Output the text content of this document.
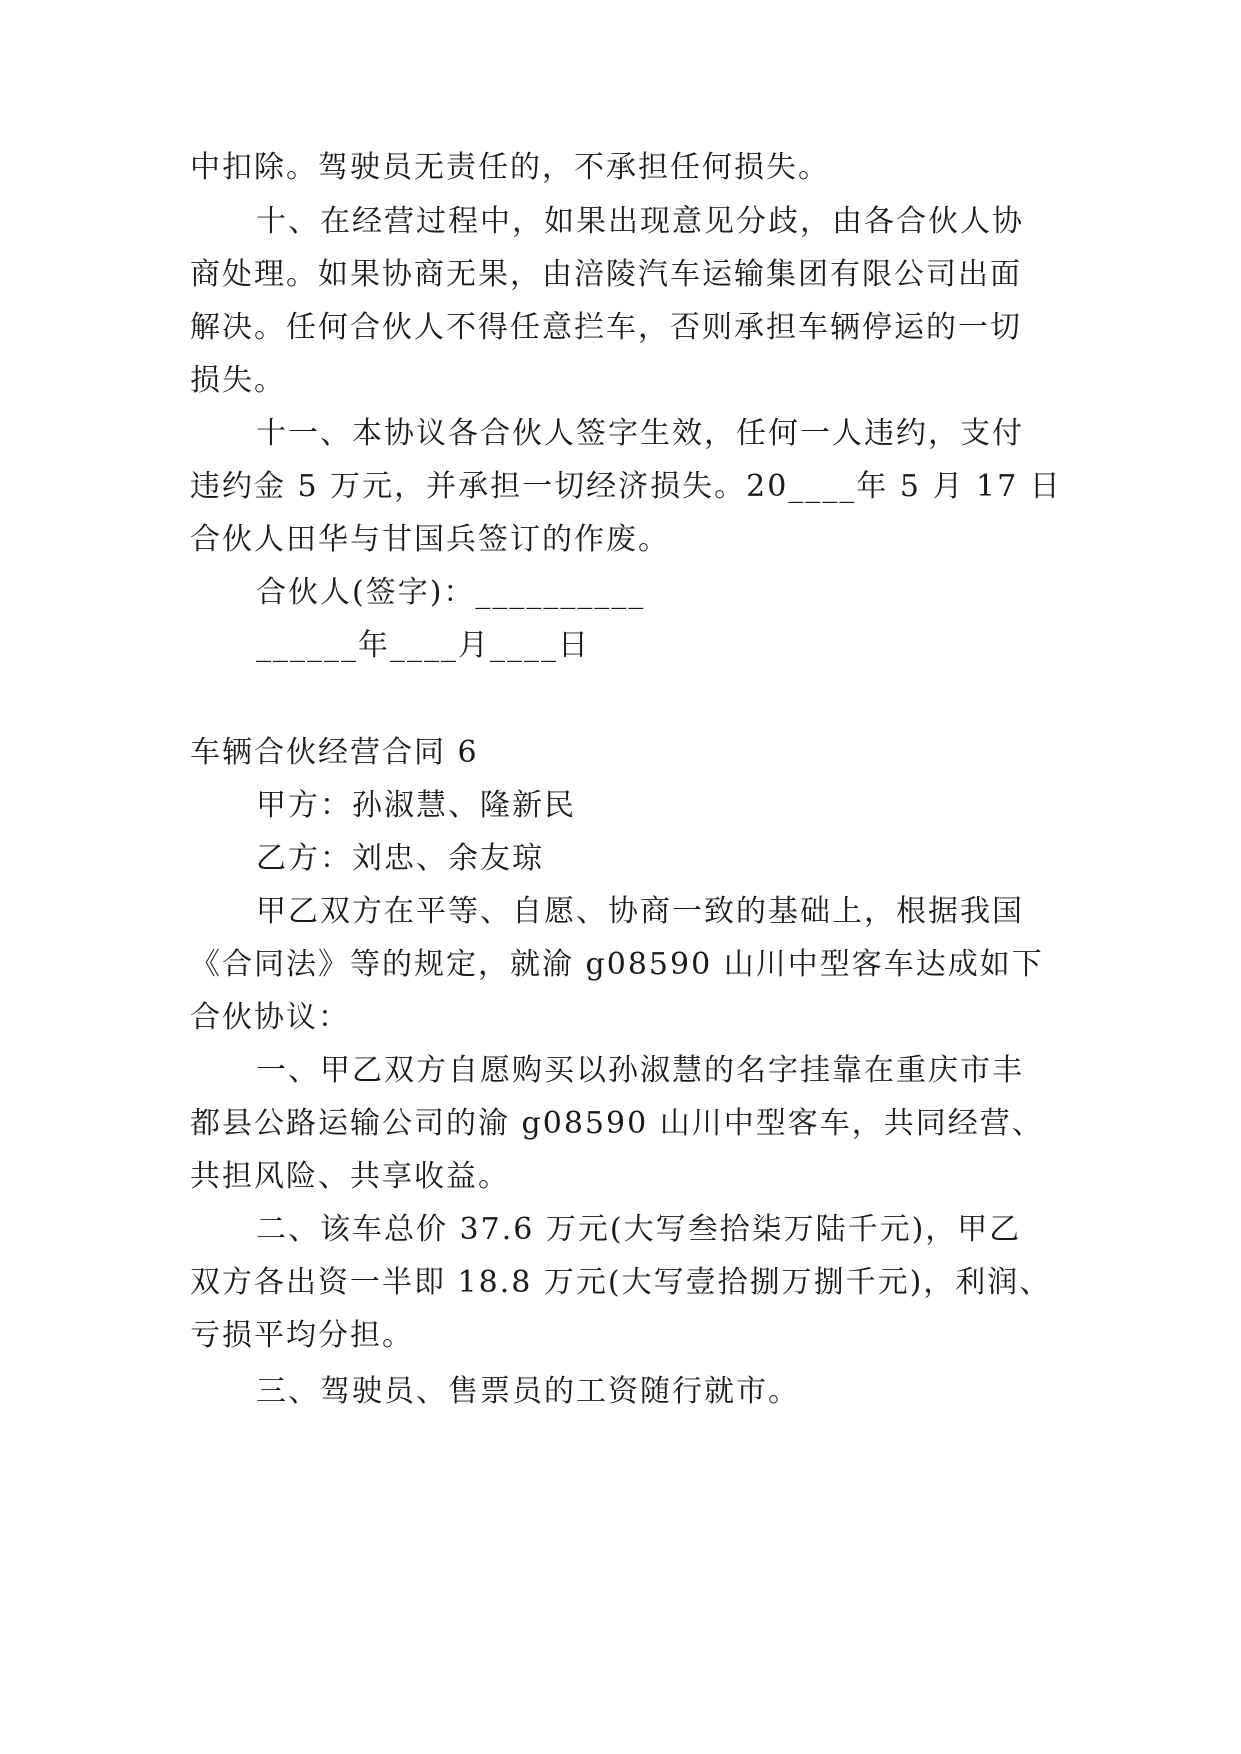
中扣除。驾驶员无责任的，不承担任何损失。
十、在经营过程中，如果出现意见分歧，由各合伙人协
商处理。如果协商无果，由涪陵汽车运输集团有限公司出面
解决。任何合伙人不得任意拦车，否则承担车辆停运的一切
损失。
十一、本协议各合伙人签字生效，任何一人违约，支付
违约金 5 万元，并承担一切经济损失。20____年 5 月 17 日
合伙人田华与甘国兵签订的作废。
合伙人(签字)：__________
______年____月____日
车辆合伙经营合同 6
甲方：孙淑慧、隆新民
乙方：刘忠、余友琼
甲乙双方在平等、自愿、协商一致的基础上，根据我国
《合同法》等的规定，就渝 g08590 山川中型客车达成如下
合伙协议：
一、甲乙双方自愿购买以孙淑慧的名字挂靠在重庆市丰
都县公路运输公司的渝 g08590 山川中型客车，共同经营、
共担风险、共享收益。
二、该车总价 37.6 万元(大写叁拾柒万陆千元)，甲乙
双方各出资一半即 18.8 万元(大写壹拾捌万捌千元)，利润、
亏损平均分担。
三、驾驶员、售票员的工资随行就市。
